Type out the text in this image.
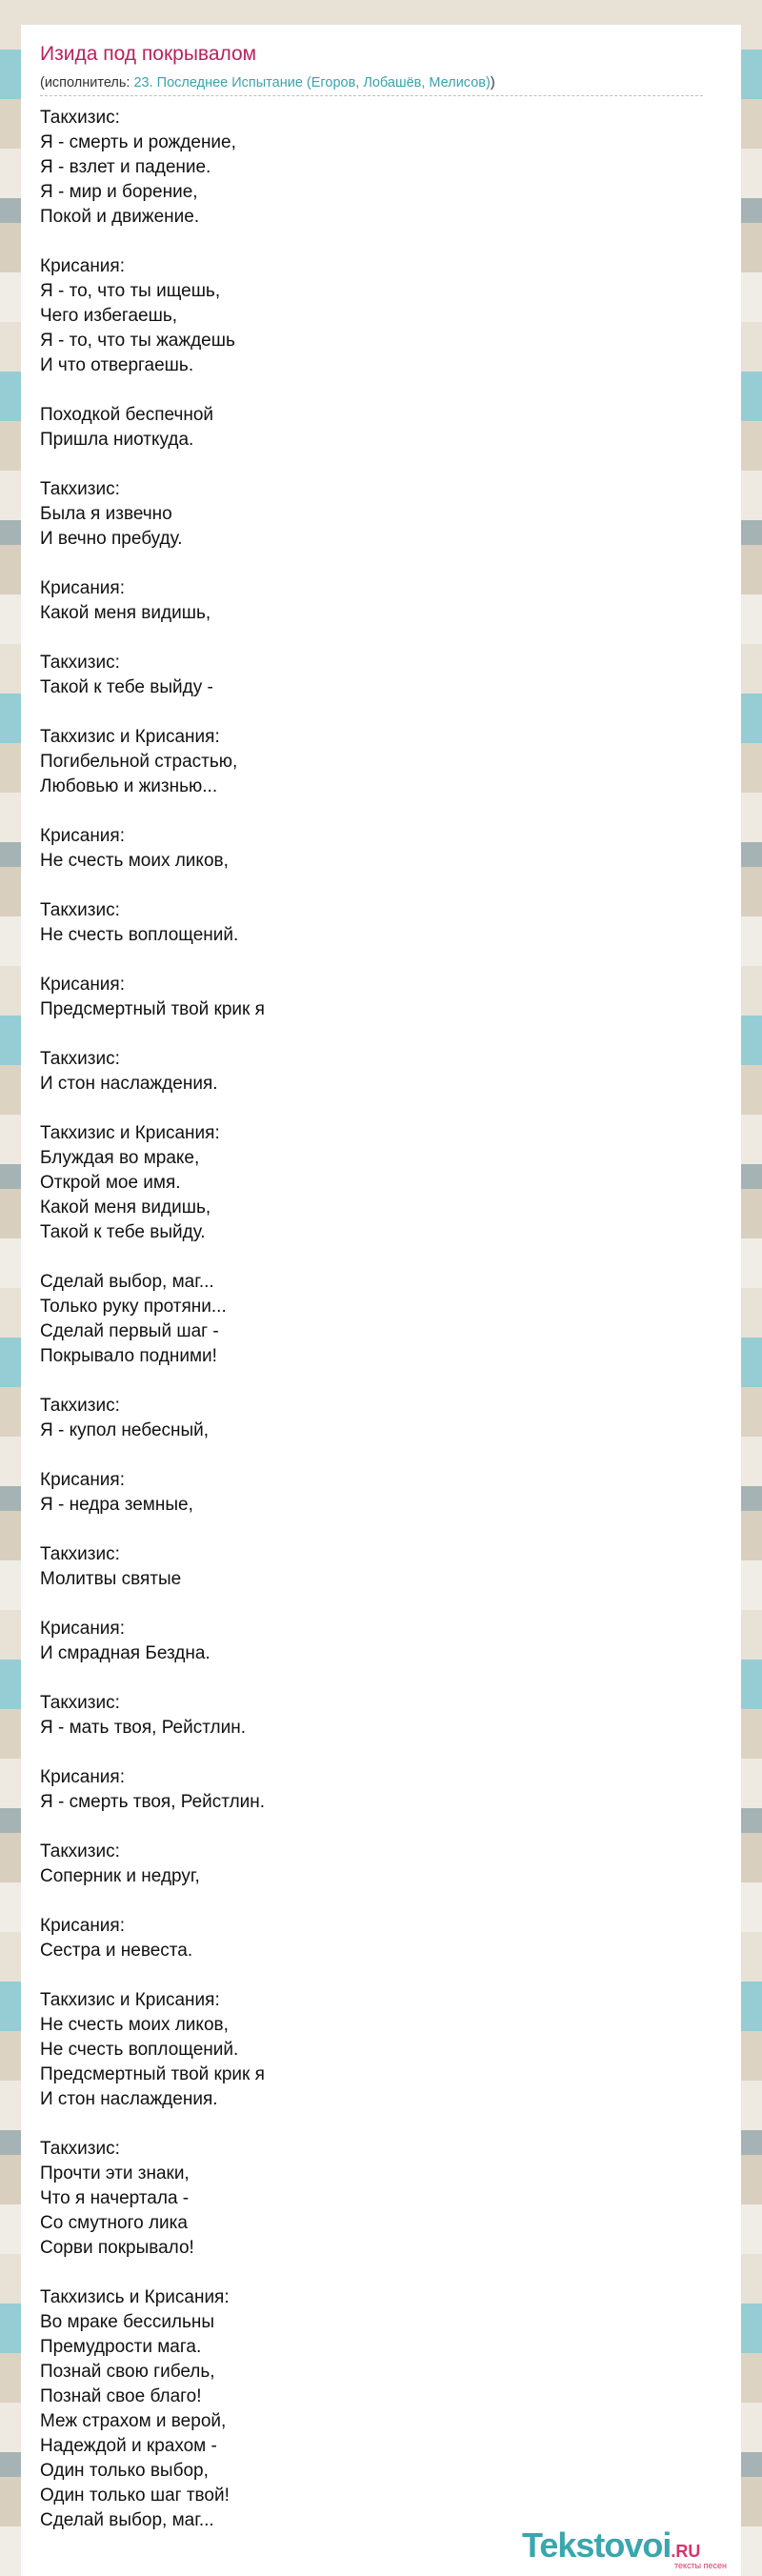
Изида под покрывалом

(исполнитель: 23. Последнее Испытание (Егоров, Лобашёв, Мелисов))

Такхизис:
Я - смерть и рождение,
Я - взлет и падение.
Я - мир и борение,
Покой и движение.

Крисания:
Я - то, что ты ищешь,
Чего избегаешь,
Я - то, что ты жаждешь
И что отвергаешь.

Походкой беспечной
Пришла ниоткуда.

Такхизис:
Была я извечно
И вечно пребуду.

Крисания:
Какой меня видишь,

Такхизис:
Такой к тебе выйду -

Такхизис и Крисания:
Погибельной страстью,
Любовью и жизнью...

Крисания:
Не счесть моих ликов,

Такхизис:
Не счесть воплощений.

Крисания:
Предсмертный твой крик я

Такхизис:
И стон наслаждения.

Такхизис и Крисания:
Блуждая во мраке,
Открой мое имя.
Какой меня видишь,
Такой к тебе выйду.

Сделай выбор, маг...
Только руку протяни...
Сделай первый шаг -
Покрывало подними!

Такхизис:
Я - купол небесный,

Крисания:
Я - недра земные,

Такхизис:
Молитвы святые

Крисания:
И смрадная Бездна.

Такхизис:
Я - мать твоя, Рейстлин.

Крисания:
Я - смерть твоя, Рейстлин.

Такхизис:
Соперник и недруг,

Крисания:
Сестра и невеста.

Такхизис и Крисания:
Не счесть моих ликов,
Не счесть воплощений.
Предсмертный твой крик я
И стон наслаждения.

Такхизис:
Прочти эти знаки,
Что я начертала -
Со смутного лика
Сорви покрывало!

Такхизись и Крисания:
Во мраке бессильны
Премудрости мага.
Познай свою гибель,
Познай свое благо!
Меж страхом и верой,
Надеждой и крахом -
Один только выбор,
Один только шаг твой!
Сделай выбор, маг...
Tekstovoi.RU
тексты песен
